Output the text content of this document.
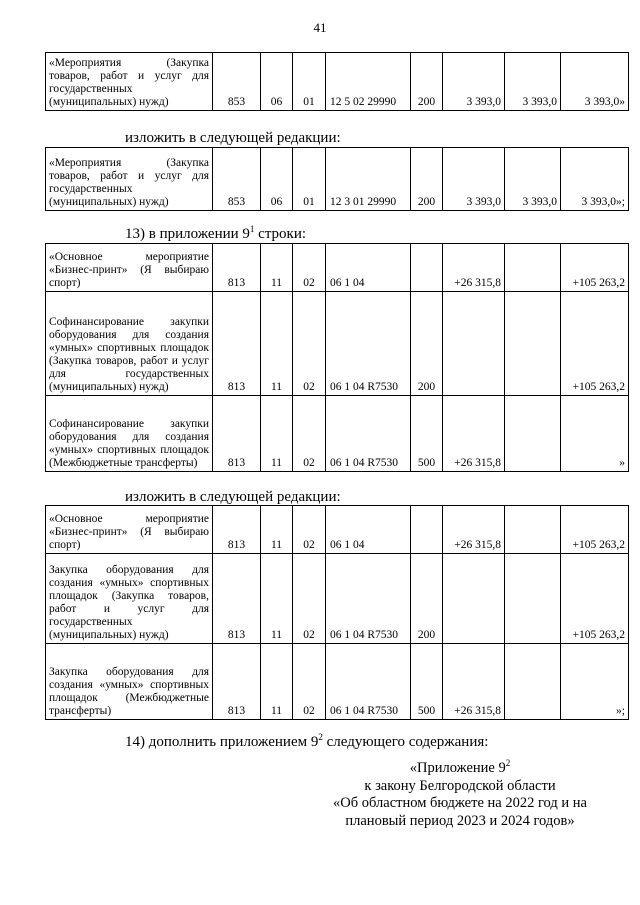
41
«Мероприятия (Закупка товаров, работ и услуг для государственных (муниципальных) нужд)	853	06	01	12 5 02 29990	200	3 393,0	3 393,0	3 393,0»
изложить в следующей редакции:
«Мероприятия (Закупка товаров, работ и услуг для государственных (муниципальных) нужд)	853	06	01	12 3 01 29990	200	3 393,0	3 393,0	3 393,0»;
13) в приложении $9^1$ строки:
«Основное мероприятие «Бизнес-принт» (Я выбираю спорт)	813	11	02	06 1 04		+26 315,8		+105 263,2
Софинансирование закупки оборудования для создания «умных» спортивных площадок (Закупка товаров, работ и услуг для государственных (муниципальных) нужд)	813	11	02	06 1 04 R7530	200			+105 263,2
Софинансирование закупки оборудования для создания «умных» спортивных площадок (Межбюджетные трансферты)	813	11	02	06 1 04 R7530	500	+26 315,8		»
изложить в следующей редакции:
«Основное мероприятие «Бизнес-принт» (Я выбираю спорт)	813	11	02	06 1 04		+26 315,8		+105 263,2
Закупка оборудования для создания «умных» спортивных площадок (Закупка товаров, работ и услуг для государственных (муниципальных) нужд)	813	11	02	06 1 04 R7530	200			+105 263,2
Закупка оборудования для создания «умных» спортивных площадок (Межбюджетные трансферты)	813	11	02	06 1 04 R7530	500	+26 315,8		»;
14) дополнить приложением $9^2$ следующего содержания:
«Приложение $9^2$
к закону Белгородской области
«Об областном бюджете на 2022 год и на
плановый период 2023 и 2024 годов»
